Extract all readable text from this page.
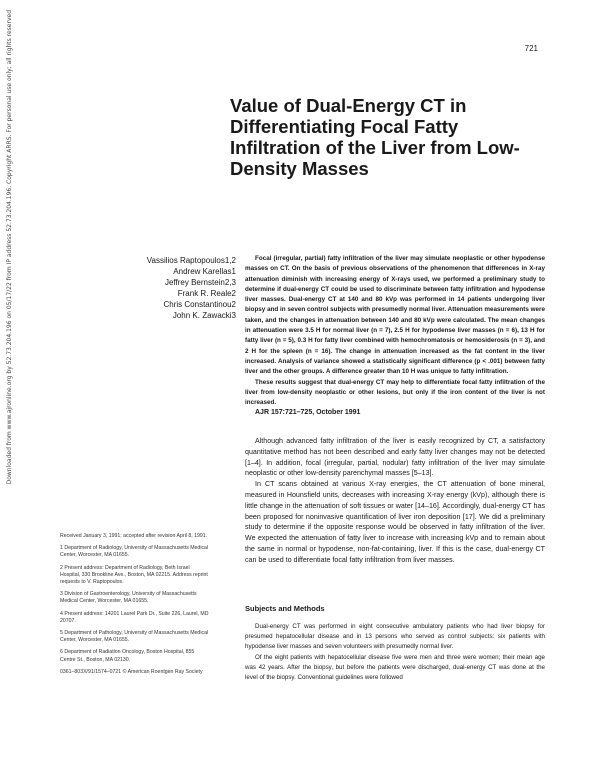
Downloaded from www.ajronline.org by 52.73.204.196 on 05/17/22 from IP address 52.73.204.196. Copyright ARRS. For personal use only; all rights reserved	721
Value of Dual-Energy CT in Differentiating Focal Fatty Infiltration of the Liver from Low-Density Masses
Vassilios Raptopoulos1,2
Andrew Karellas1
Jeffrey Bernstein2,3
Frank R. Reale2
Chris Constantinou2
John K. Zawacki3

Focal (irregular, partial) fatty infiltration of the liver may simulate neoplastic or other hypodense masses on CT. On the basis of previous observations of the phenomenon that differences in X-ray attenuation diminish with increasing energy of X-rays used, we performed a preliminary study to determine if dual-energy CT could be used to discriminate between fatty infiltration and hypodense liver masses. Dual-energy CT at 140 and 80 kVp was performed in 14 patients undergoing liver biopsy and in seven control subjects with presumedly normal liver. Attenuation measurements were taken, and the changes in attenuation between 140 and 80 kVp were calculated. The mean changes in attenuation were 3.5 H for normal liver (n = 7), 2.5 H for hypodense liver masses (n = 6), 13 H for fatty liver (n = 5), 0.3 H for fatty liver combined with hemochromatosis or hemosiderosis (n = 3), and 2 H for the spleen (n = 16). The change in attenuation increased as the fat content in the liver increased. Analysis of variance showed a statistically significant difference (p < .001) between fatty liver and the other groups. A difference greater than 10 H was unique to fatty infiltration.

These results suggest that dual-energy CT may help to differentiate focal fatty infiltration of the liver from low-density neoplastic or other lesions, but only if the iron content of the liver is not increased.

AJR 157:721–725, October 1991

Although advanced fatty infiltration of the liver is easily recognized by CT, a satisfactory quantitative method has not been described and early fatty liver changes may not be detected [1–4]. In addition, focal (irregular, partial, nodular) fatty infiltration of the liver may simulate neoplastic or other low-density parenchymal masses [5–13].

In CT scans obtained at various X-ray energies, the CT attenuation of bone mineral, measured in Hounsfield units, decreases with increasing X-ray energy (kVp), although there is little change in the attenuation of soft tissues or water [14–16]. Accordingly, dual-energy CT has been proposed for noninvasive quantification of liver iron deposition [17]. We did a preliminary study to determine if the opposite response would be observed in fatty infiltration of the liver. We expected the attenuation of fatty liver to increase with increasing kVp and to remain about the same in normal or hypodense, non-fat-containing, liver. If this is the case, dual-energy CT can be used to differentiate focal fatty infiltration from liver masses.

Subjects and Methods

Dual-energy CT was performed in eight consecutive ambulatory patients who had liver biopsy for presumed hepatocellular disease and in 13 persons who served as control subjects: six patients with hypodense liver masses and seven volunteers with presumedly normal liver.

Of the eight patients with hepatocellular disease five were men and three were women; their mean age was 42 years. After the biopsy, but before the patients were discharged, dual-energy CT was done at the level of the biopsy. Conventional guidelines were followed

Received January 3, 1991; accepted after revision April 8, 1991.

1 Department of Radiology, University of Massachusetts Medical Center, Worcester, MA 01655.

2 Present address: Department of Radiology, Beth Israel Hospital, 330 Brookline Ave., Boston, MA 02215. Address reprint requests to V. Raptopoulos.

3 Division of Gastroenterology, University of Massachusetts Medical Center, Worcester, MA 01655.

4 Present address: 14201 Laurel Park Dr., Suite 226, Laurel, MD 20707.

5 Department of Pathology, University of Massachusetts Medical Center, Worcester, MA 01655.

6 Department of Radiation Oncology, Boston Hospital, 855 Centre St., Boston, MA 02130.

0361–803X/91/1574–0721 © American Roentgen Ray Society
